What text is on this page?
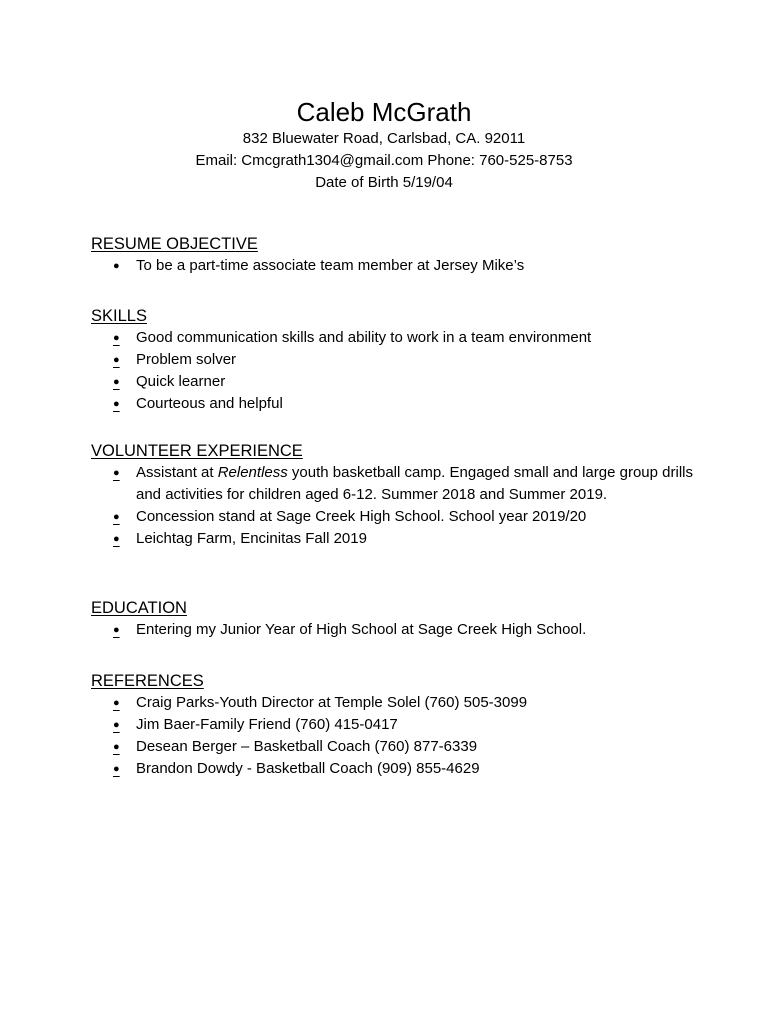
Caleb McGrath

832 Bluewater Road, Carlsbad, CA. 92011

Email: Cmcgrath1304@gmail.com Phone: 760-525-8753

Date of Birth 5/19/04

RESUME OBJECTIVE
●	To be a part-time associate team member at Jersey Mike’s
SKILLS
●	Good communication skills and ability to work in a team environment
●	Problem solver
●	Quick learner
●	Courteous and helpful
VOLUNTEER EXPERIENCE
●	Assistant at Relentless youth basketball camp. Engaged small and large group drills and activities for children aged 6-12. Summer 2018 and Summer 2019.
●	Concession stand at Sage Creek High School. School year 2019/20
●	Leichtag Farm, Encinitas Fall 2019
EDUCATION
●	Entering my Junior Year of High School at Sage Creek High School.
REFERENCES
●	Craig Parks-Youth Director at Temple Solel (760) 505-3099
●	Jim Baer-Family Friend (760) 415-0417
●	Desean Berger – Basketball Coach (760) 877-6339
●	Brandon Dowdy - Basketball Coach (909) 855-4629
